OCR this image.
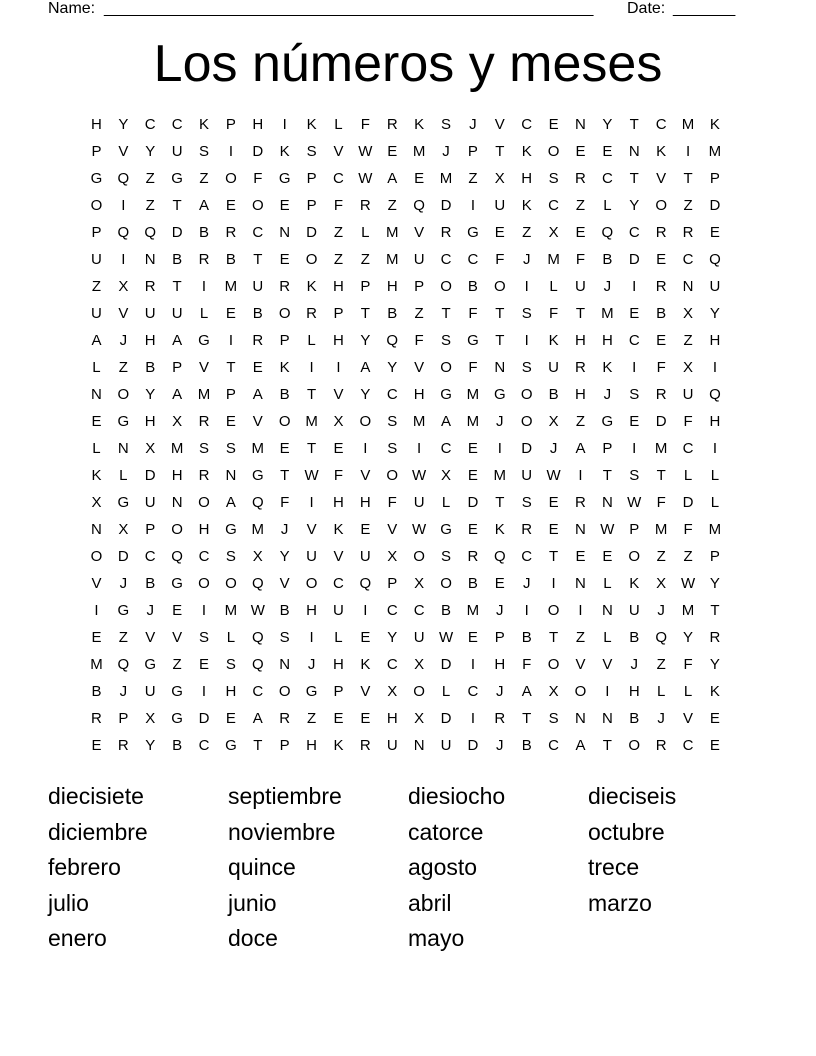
Name: _______________________________________________________ Date: _______
Los números y meses
H	Y	C	C	K	P	H	I	K	L	F	R	K	S	J	V	C	E	N	Y	T	C	M	K
P	V	Y	U	S	I	D	K	S	V W E	M	J	P	T	K	O	E	E	N	K	I	M
G	Q	Z	G	Z	O	F	G	P	C W A	E	M	Z	X	H	S	R	C	T	V	T	P
O	I	Z	T	A	E	O	E	P	F	R	Z	Q	D	I	U	K	C	Z	L	Y	O	Z	D
P	Q	Q	D	B	R	C	N	D	Z	L	M	V	R	G	E	Z	X	E	Q	C	R	R	E
U	I	N	B	R	B	T	E	O	Z	Z	M	U	C	C	F	J	M	F	B	D	E	C	Q
Z	X	R	T	I	M	U	R	K	H	P	H	P	O	B	O	I	L	U	J	I	R	N	U
U	V	U	U	L	E	B	O	R	P	T	B	Z	T	F	T	S	F	T	M	E	B	X	Y
A	J	H	A	G	I	R	P	L	H	Y	Q	F	S	G	T	I	K	H	H	C	E	Z	H
L	Z	B	P	V	T	E	K	I	I	A	Y	V	O	F	N	S	U	R	K	I	F	X	I
N	O	Y	A	M	P	A	B	T	V	Y	C	H	G M G	O	B	H	J	S	R	U	Q
E	G	H	X	R	E	V	O M	X	O	S	M	A	M	J	O	X	Z	G	E	D	F	H
L	N	X	M	S	S	M	E	T	E	I	S	I	C	E	I	D	J	A	P	I	M	C	I
K	L	D	H	R	N	G	T	W	F	V	O W X	E	M	U W	I	T	S	T	L	L
X	G	U	N	O	A	Q	F	I	H	H	F	U	L	D	T	S	E	R	N W	F	D	L
N	X	P	O	H	G M	J	V	K	E	V W G	E	K	R	E	N W P	M	F	M
O	D	C	Q	C	S	X	Y	U	V	U	X	O	S	R	Q	C	T	E	E	O	Z	Z	P
V	J	B	G	O	O	Q	V	O	C	Q	P	X	O	B	E	J	I	N	L	K	X W Y
I	G	J	E	I	M W B	H	U	I	C	C	B	M	J	I	O	I	N	U	J	M	T
E	Z	V	V	S	L	Q	S	I	L	E	Y	U W E	P	B	T	Z	L	B	Q	Y	R
M Q	G	Z	E	S	Q	N	J	H	K	C	X	D	I	H	F	O	V	V	J	Z	F	Y
B	J	U	G	I	H	C	O	G	P	V	X	O	L	C	J	A	X	O	I	H	L	L	K
R	P	X	G	D	E	A	R	Z	E	E	H	X	D	I	R	T	S	N	N	B	J	V	E
E	R	Y	B	C	G	T	P	H	K	R	U	N	U	D	J	B	C	A	T	O	R	C	E
diecisiete	septiembre	diesiocho	dieciseis
diciembre	noviembre	catorce	octubre
febrero	quince	agosto	trece
julio	junio	abril	marzo
enero	doce	mayo
